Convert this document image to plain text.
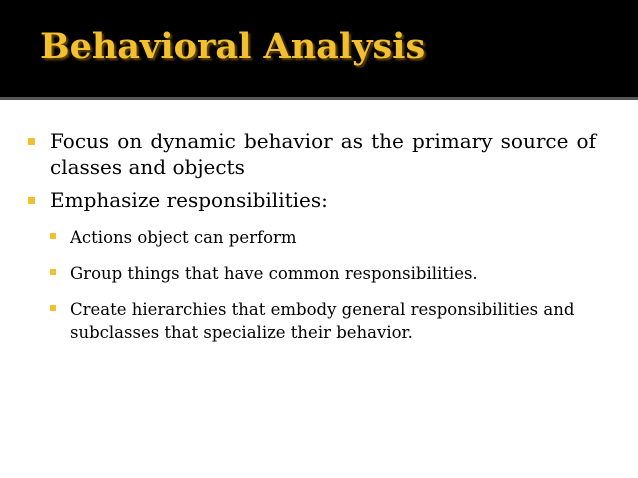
Behavioral Analysis
Focus on dynamic behavior as the primary source of classes and objects
Emphasize responsibilities:
Actions object can perform
Group things that have common responsibilities.
Create hierarchies that embody general responsibilities and subclasses that specialize their behavior.
